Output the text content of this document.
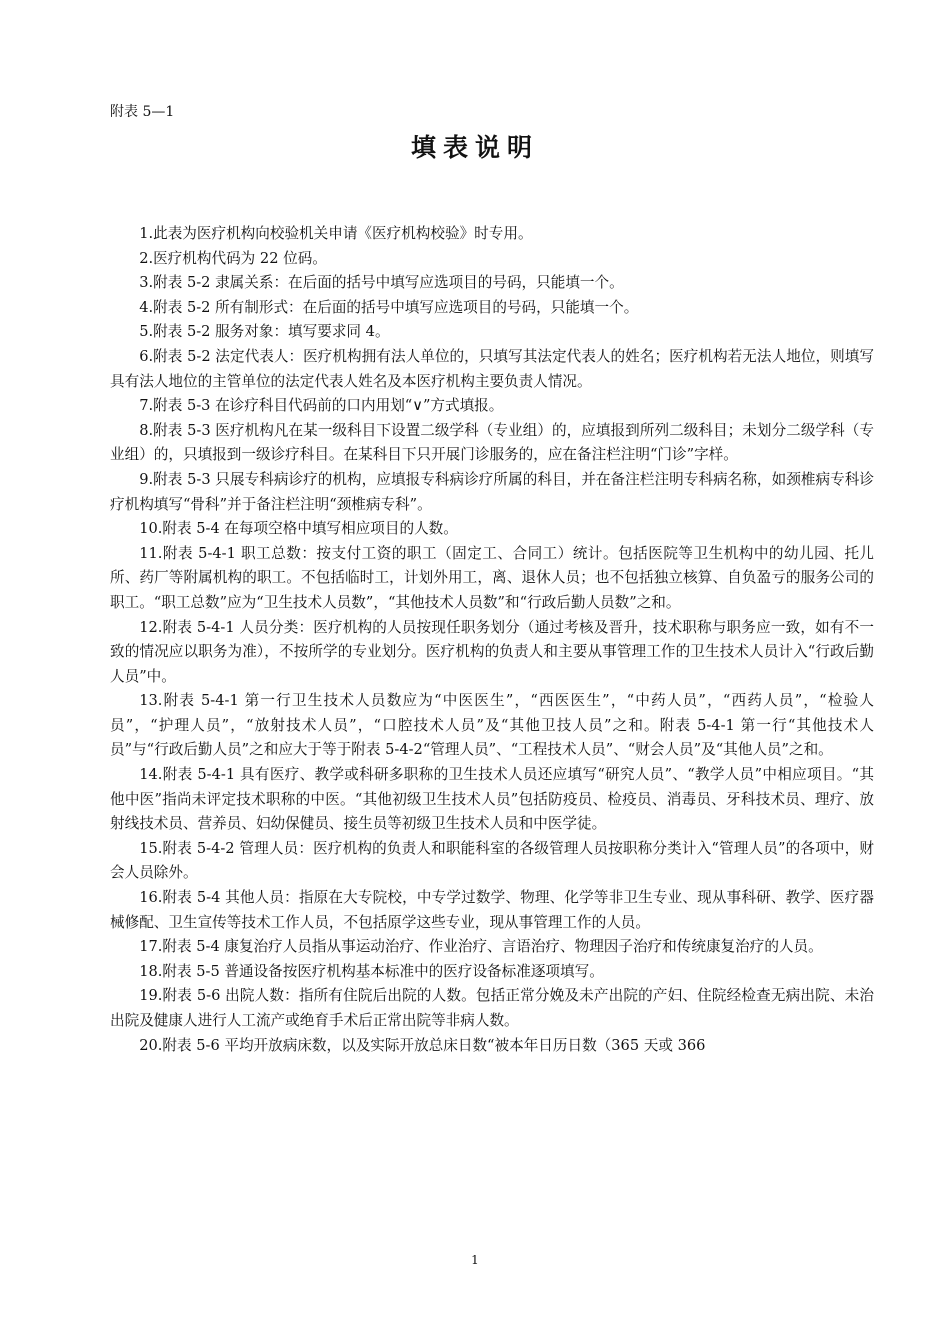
附表 5—1
填表说明

1.此表为医疗机构向校验机关申请《医疗机构校验》时专用。

2.医疗机构代码为 22 位码。

3.附表 5-2 隶属关系：在后面的括号中填写应选项目的号码，只能填一个。

4.附表 5-2 所有制形式：在后面的括号中填写应选项目的号码，只能填一个。

5.附表 5-2 服务对象：填写要求同 4。

6.附表 5-2 法定代表人：医疗机构拥有法人单位的，只填写其法定代表人的姓名；医疗机构若无法人地位，则填写具有法人地位的主管单位的法定代表人姓名及本医疗机构主要负责人情况。

7.附表 5-3 在诊疗科目代码前的口内用划“∨”方式填报。

8.附表 5-3 医疗机构凡在某一级科目下设置二级学科（专业组）的，应填报到所列二级科目；未划分二级学科（专业组）的，只填报到一级诊疗科目。在某科目下只开展门诊服务的，应在备注栏注明“门诊”字样。

9.附表 5-3 只展专科病诊疗的机构，应填报专科病诊疗所属的科目，并在备注栏注明专科病名称，如颈椎病专科诊疗机构填写“骨科”并于备注栏注明“颈椎病专科”。

10.附表 5-4 在每项空格中填写相应项目的人数。

11.附表 5-4-1 职工总数：按支付工资的职工（固定工、合同工）统计。包括医院等卫生机构中的幼儿园、托儿所、药厂等附属机构的职工。不包括临时工，计划外用工，离、退休人员；也不包括独立核算、自负盈亏的服务公司的职工。“职工总数”应为“卫生技术人员数”，“其他技术人员数”和“行政后勤人员数”之和。

12.附表 5-4-1 人员分类：医疗机构的人员按现任职务划分（通过考核及晋升，技术职称与职务应一致，如有不一致的情况应以职务为准），不按所学的专业划分。医疗机构的负责人和主要从事管理工作的卫生技术人员计入“行政后勤人员”中。

13.附表 5-4-1 第一行卫生技术人员数应为“中医医生”，“西医医生”，“中药人员”，“西药人员”，“检验人员”，“护理人员”，“放射技术人员”，“口腔技术人员”及“其他卫技人员”之和。附表 5-4-1 第一行“其他技术人员”与“行政后勤人员”之和应大于等于附表 5-4-2“管理人员”、“工程技术人员”、“财会人员”及“其他人员”之和。

14.附表 5-4-1 具有医疗、教学或科研多职称的卫生技术人员还应填写“研究人员”、“教学人员”中相应项目。“其他中医”指尚未评定技术职称的中医。“其他初级卫生技术人员”包括防疫员、检疫员、消毒员、牙科技术员、理疗、放射线技术员、营养员、妇幼保健员、接生员等初级卫生技术人员和中医学徒。

15.附表 5-4-2 管理人员：医疗机构的负责人和职能科室的各级管理人员按职称分类计入“管理人员”的各项中，财会人员除外。

16.附表 5-4 其他人员：指原在大专院校，中专学过数学、物理、化学等非卫生专业、现从事科研、教学、医疗器械修配、卫生宣传等技术工作人员，不包括原学这些专业，现从事管理工作的人员。

17.附表 5-4 康复治疗人员指从事运动治疗、作业治疗、言语治疗、物理因子治疗和传统康复治疗的人员。

18.附表 5-5 普通设备按医疗机构基本标准中的医疗设备标准逐项填写。

19.附表 5-6 出院人数：指所有住院后出院的人数。包括正常分娩及未产出院的产妇、住院经检查无病出院、未治出院及健康人进行人工流产或绝育手术后正常出院等非病人数。

20.附表 5-6 平均开放病床数，以及实际开放总床日数“被本年日历日数（365 天或 366

1
